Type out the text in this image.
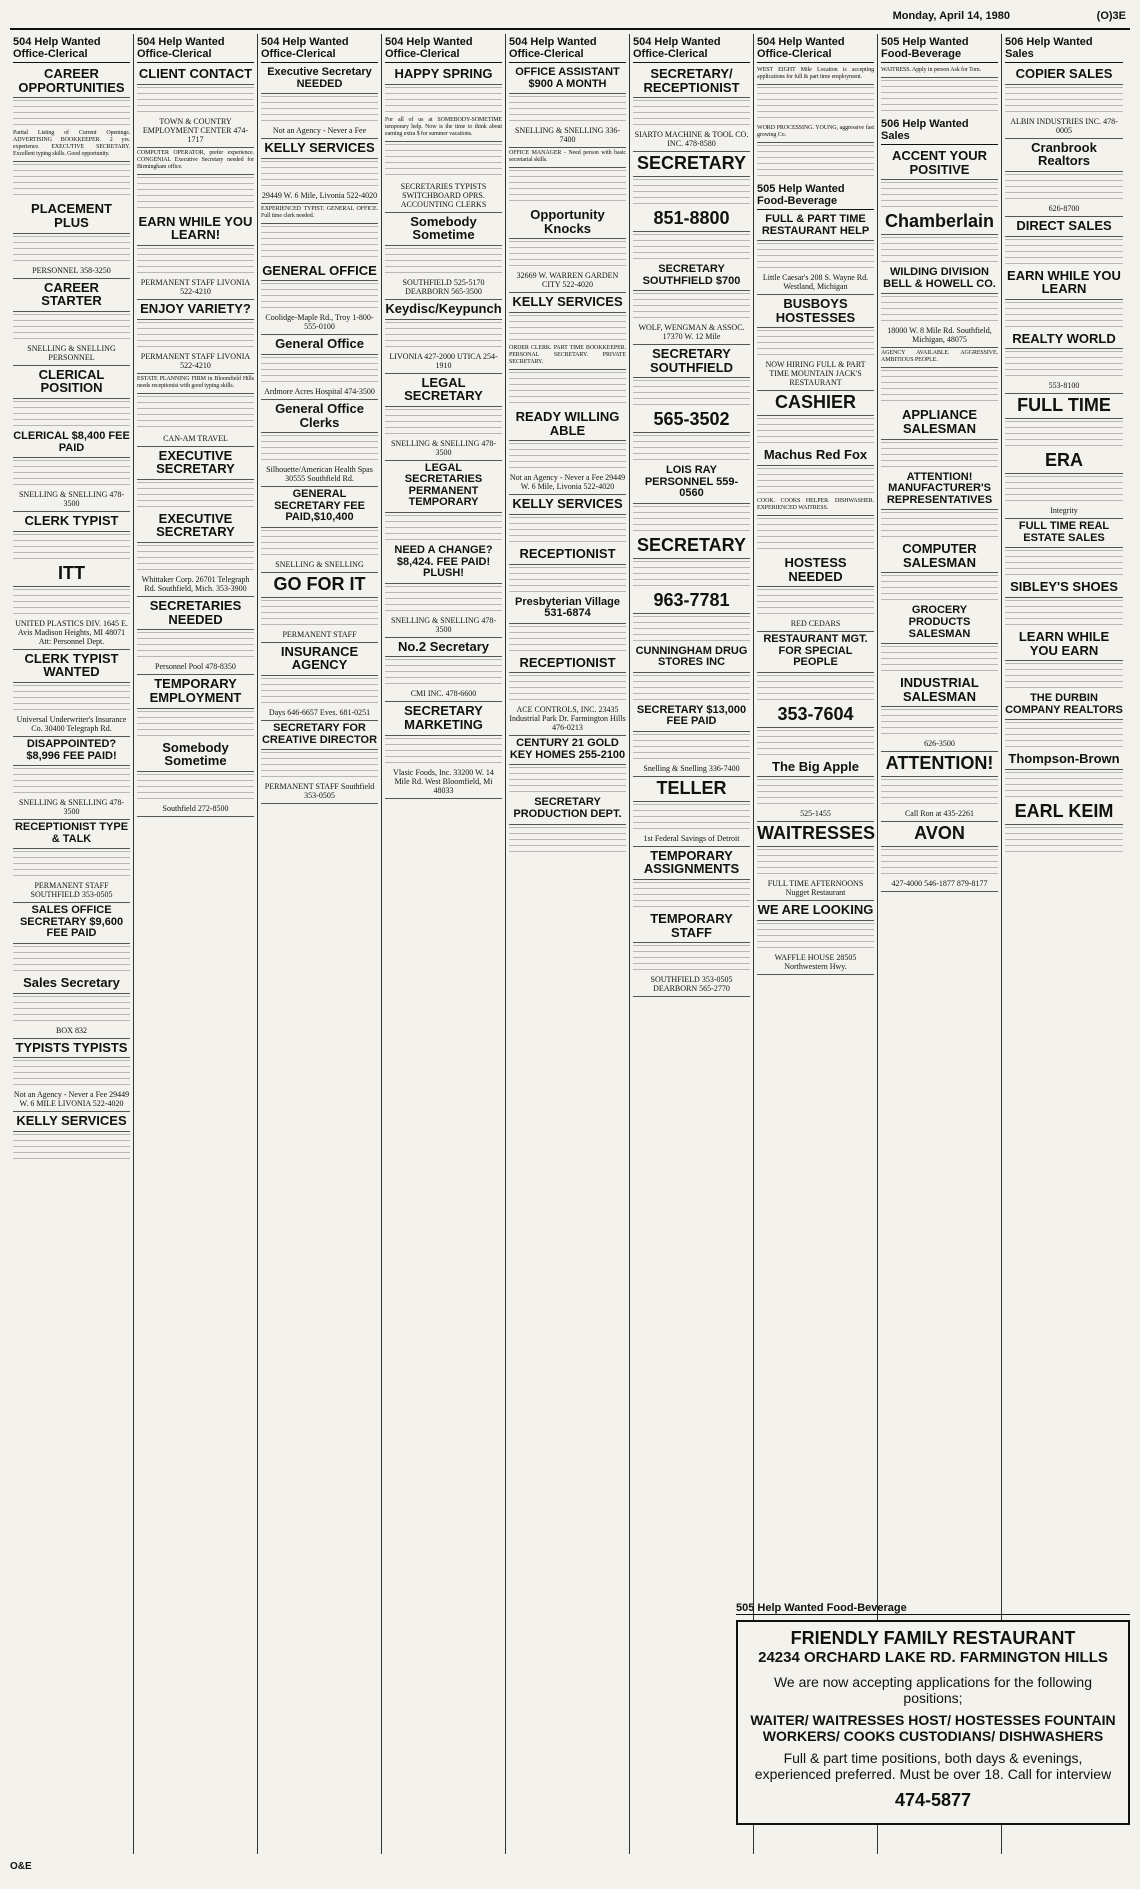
Monday, April 14, 1980	(O)3E
504 Help Wanted Office-Clerical
CAREER OPPORTUNITIES
Partial Listing of Current Openings. ADVERTISING BOOKKEEPER. 2 yrs. experience. EXECUTIVE SECRETARY. Excellent typing skills. Good opportunity.
PLACEMENT PLUS
PERSONNEL 358-3250
CAREER STARTER
SNELLING & SNELLING PERSONNEL
CLERICAL POSITION
CLERICAL $8,400 FEE PAID
SNELLING & SNELLING 478-3500
CLERK TYPIST
ITT
UNITED PLASTICS DIV. 1645 E. Avis Madison Heights, MI 48071 Att: Personnel Dept.
CLERK TYPIST WANTED
Universal Underwriter's Insurance Co. 30400 Telegraph Rd.
DISAPPOINTED? $8,996 FEE PAID!
SNELLING & SNELLING 478-3500
RECEPTIONIST TYPE & TALK
PERMANENT STAFF SOUTHFIELD 353-0505
SALES OFFICE SECRETARY $9,600 FEE PAID
Sales Secretary
BOX 832
TYPISTS TYPISTS
Not an Agency - Never a Fee 29449 W. 6 MILE LIVONIA 522-4020
KELLY SERVICES
504 Help Wanted Office-Clerical
CLIENT CONTACT
TOWN & COUNTRY EMPLOYMENT CENTER 474-1717
COMPUTER OPERATOR, prefer experience. CONGENIAL Executive Secretary needed for Birmingham office.
EARN WHILE YOU LEARN!
PERMANENT STAFF LIVONIA 522-4210
ENJOY VARIETY?
PERMANENT STAFF LIVONIA 522-4210
ESTATE PLANNING FIRM in Bloomfield Hills needs receptionist with good typing skills.
CAN-AM TRAVEL
EXECUTIVE SECRETARY
EXECUTIVE SECRETARY
Whittaker Corp. 26701 Telegraph Rd. Southfield, Mich. 353-3900
SECRETARIES NEEDED
Personnel Pool 478-8350
TEMPORARY EMPLOYMENT
Somebody Sometime
Southfield 272-8500
504 Help Wanted Office-Clerical
Executive Secretary NEEDED
Not an Agency - Never a Fee
KELLY SERVICES
29449 W. 6 Mile, Livonia 522-4020
EXPERIENCED TYPIST. GENERAL OFFICE. Full time clerk needed.
GENERAL OFFICE
Coolidge-Maple Rd., Troy 1-800-555-0100
General Office
Ardmore Acres Hospital 474-3500
General Office Clerks
Silhouette/American Health Spas 30555 Southfield Rd.
GENERAL SECRETARY FEE PAID,$10,400
SNELLING & SNELLING
GO FOR IT
PERMANENT STAFF
INSURANCE AGENCY
Days 646-6657 Eves. 681-0251
SECRETARY FOR CREATIVE DIRECTOR
PERMANENT STAFF Southfield 353-0505
504 Help Wanted Office-Clerical
HAPPY SPRING
For all of us at SOMEBODY-SOMETIME temporary help. Now is the time to think about earning extra $ for summer vacations.
SECRETARIES TYPISTS SWITCHBOARD OPRS. ACCOUNTING CLERKS
Somebody Sometime
SOUTHFIELD 525-5170 DEARBORN 565-3500
Keydisc/Keypunch
LIVONIA 427-2000 UTICA 254-1910
LEGAL SECRETARY
SNELLING & SNELLING 478-3500
LEGAL SECRETARIES PERMANENT TEMPORARY
NEED A CHANGE? $8,424. FEE PAID! PLUSH!
SNELLING & SNELLING 478-3500
No.2 Secretary
CMI INC. 478-6600
SECRETARY MARKETING
Vlasic Foods, Inc. 33200 W. 14 Mile Rd. West Bloomfield, Mi 48033
504 Help Wanted Office-Clerical
OFFICE ASSISTANT $900 A MONTH
SNELLING & SNELLING 336-7400
OFFICE MANAGER - Need person with basic secretarial skills.
Opportunity Knocks
32669 W. WARREN GARDEN CITY 522-4020
KELLY SERVICES
ORDER CLERK. PART TIME BOOKKEEPER. PERSONAL SECRETARY. PRIVATE SECRETARY.
READY WILLING ABLE
Not an Agency - Never a Fee 29449 W. 6 Mile, Livonia 522-4020
KELLY SERVICES
RECEPTIONIST
Presbyterian Village 531-6874
RECEPTIONIST
ACE CONTROLS, INC. 23435 Industrial Park Dr. Farmington Hills 476-0213
CENTURY 21 GOLD KEY HOMES 255-2100
SECRETARY PRODUCTION DEPT.
504 Help Wanted Office-Clerical
SECRETARY/ RECEPTIONIST
SIARTO MACHINE & TOOL CO. INC. 478-8580
SECRETARY
851-8800
SECRETARY SOUTHFIELD $700
WOLF, WENGMAN & ASSOC. 17370 W. 12 Mile
SECRETARY SOUTHFIELD
565-3502
LOIS RAY PERSONNEL 559-0560
SECRETARY
963-7781
CUNNINGHAM DRUG STORES INC
SECRETARY $13,000 FEE PAID
Snelling & Snelling 336-7400
TELLER
1st Federal Savings of Detroit
TEMPORARY ASSIGNMENTS
TEMPORARY STAFF
SOUTHFIELD 353-0505 DEARBORN 565-2770
504 Help Wanted Office-Clerical
WEST EIGHT Mile Location is accepting applications for full & part time employment.
WORD PROCESSING. YOUNG, aggressive fast growing Co.
505 Help Wanted Food-Beverage
FULL & PART TIME RESTAURANT HELP
Little Caesar's 208 S. Wayne Rd. Westland, Michigan
BUSBOYS HOSTESSES
NOW HIRING FULL & PART TIME MOUNTAIN JACK'S RESTAURANT
CASHIER
Machus Red Fox
COOK. COOKS HELPER. DISHWASHER. EXPERIENCED WAITRESS.
HOSTESS NEEDED
RED CEDARS
RESTAURANT MGT. FOR SPECIAL PEOPLE
353-7604
The Big Apple
525-1455
WAITRESSES
FULL TIME AFTERNOONS Nugget Restaurant
WE ARE LOOKING
WAFFLE HOUSE 28505 Northwestern Hwy.
505 Help Wanted Food-Beverage
WAITRESS. Apply in person Ask for Tom.
506 Help Wanted Sales
ACCENT YOUR POSITIVE
Chamberlain
WILDING DIVISION BELL & HOWELL CO.
18000 W. 8 Mile Rd. Southfield, Michigan, 48075
AGENCY AVAILABLE. AGGRESSIVE. AMBITIOUS PEOPLE.
APPLIANCE SALESMAN
ATTENTION! MANUFACTURER'S REPRESENTATIVES
COMPUTER SALESMAN
GROCERY PRODUCTS SALESMAN
INDUSTRIAL SALESMAN
626-3500
ATTENTION!
Call Ron at 435-2261
AVON
427-4000 546-1877 879-8177
506 Help Wanted Sales
COPIER SALES
ALBIN INDUSTRIES INC. 478-0005
Cranbrook Realtors
626-8700
DIRECT SALES
EARN WHILE YOU LEARN
REALTY WORLD
553-8100
FULL TIME
ERA
Integrity
FULL TIME REAL ESTATE SALES
SIBLEY'S SHOES
LEARN WHILE YOU EARN
THE DURBIN COMPANY REALTORS
Thompson-Brown
EARL KEIM
505 Help Wanted Food-Beverage
FRIENDLY FAMILY RESTAURANT
24234 ORCHARD LAKE RD. FARMINGTON HILLS
We are now accepting applications for the following positions;
WAITER/ WAITRESSES HOST/ HOSTESSES FOUNTAIN WORKERS/ COOKS CUSTODIANS/ DISHWASHERS
Full & part time positions, both days & evenings, experienced preferred. Must be over 18. Call for interview
474-5877
O&E
